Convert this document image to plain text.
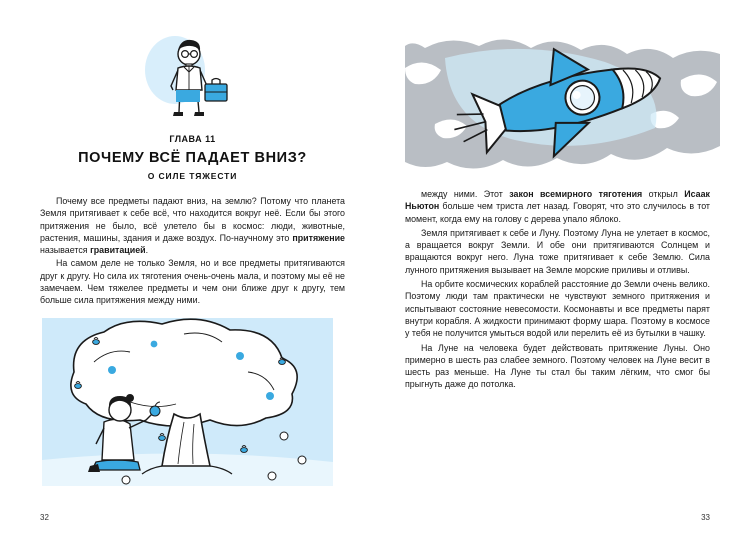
ГЛАВА 11
ПОЧЕМУ ВСЁ ПАДАЕТ ВНИЗ?
О СИЛЕ ТЯЖЕСТИ

Почему все предметы падают вниз, на землю? Потому что планета Земля притягивает к себе всё, что находится вокруг неё. Если бы этого притяжения не было, всё улетело бы в космос: люди, животные, растения, машины, здания и даже воздух. По-научному это притяжение называется гравитацией.

На самом деле не только Земля, но и все предметы притягиваются друг к другу. Но сила их тяготения очень-очень мала, и поэтому мы её не замечаем. Чем тяжелее предметы и чем они ближе друг к другу, тем больше сила притяжения между ними.

32

между ними. Этот закон всемирного тяготения открыл Исаак Ньютон больше чем триста лет назад. Говорят, что это случилось в тот момент, когда ему на голову с дерева упало яблоко.

Земля притягивает к себе и Луну. Поэтому Луна не улетает в космос, а вращается вокруг Земли. И обе они притягиваются Солнцем и вращаются вокруг него. Луна тоже притягивает к себе Землю. Сила лунного притяжения вызывает на Земле морские приливы и отливы.

На орбите космических кораблей расстояние до Земли очень велико. Поэтому люди там практически не чувствуют земного притяжения и испытывают состояние невесомости. Космонавты и все предметы парят внутри корабля. А жидкости принимают форму шара. Поэтому в космосе у тебя не получится умыться водой или перелить её из бутылки в чашку.

На Луне на человека будет действовать притяжение Луны. Оно примерно в шесть раз слабее земного. Поэтому человек на Луне весит в шесть раз меньше. На Луне ты стал бы таким лёгким, что смог бы прыгнуть даже до потолка.

33
